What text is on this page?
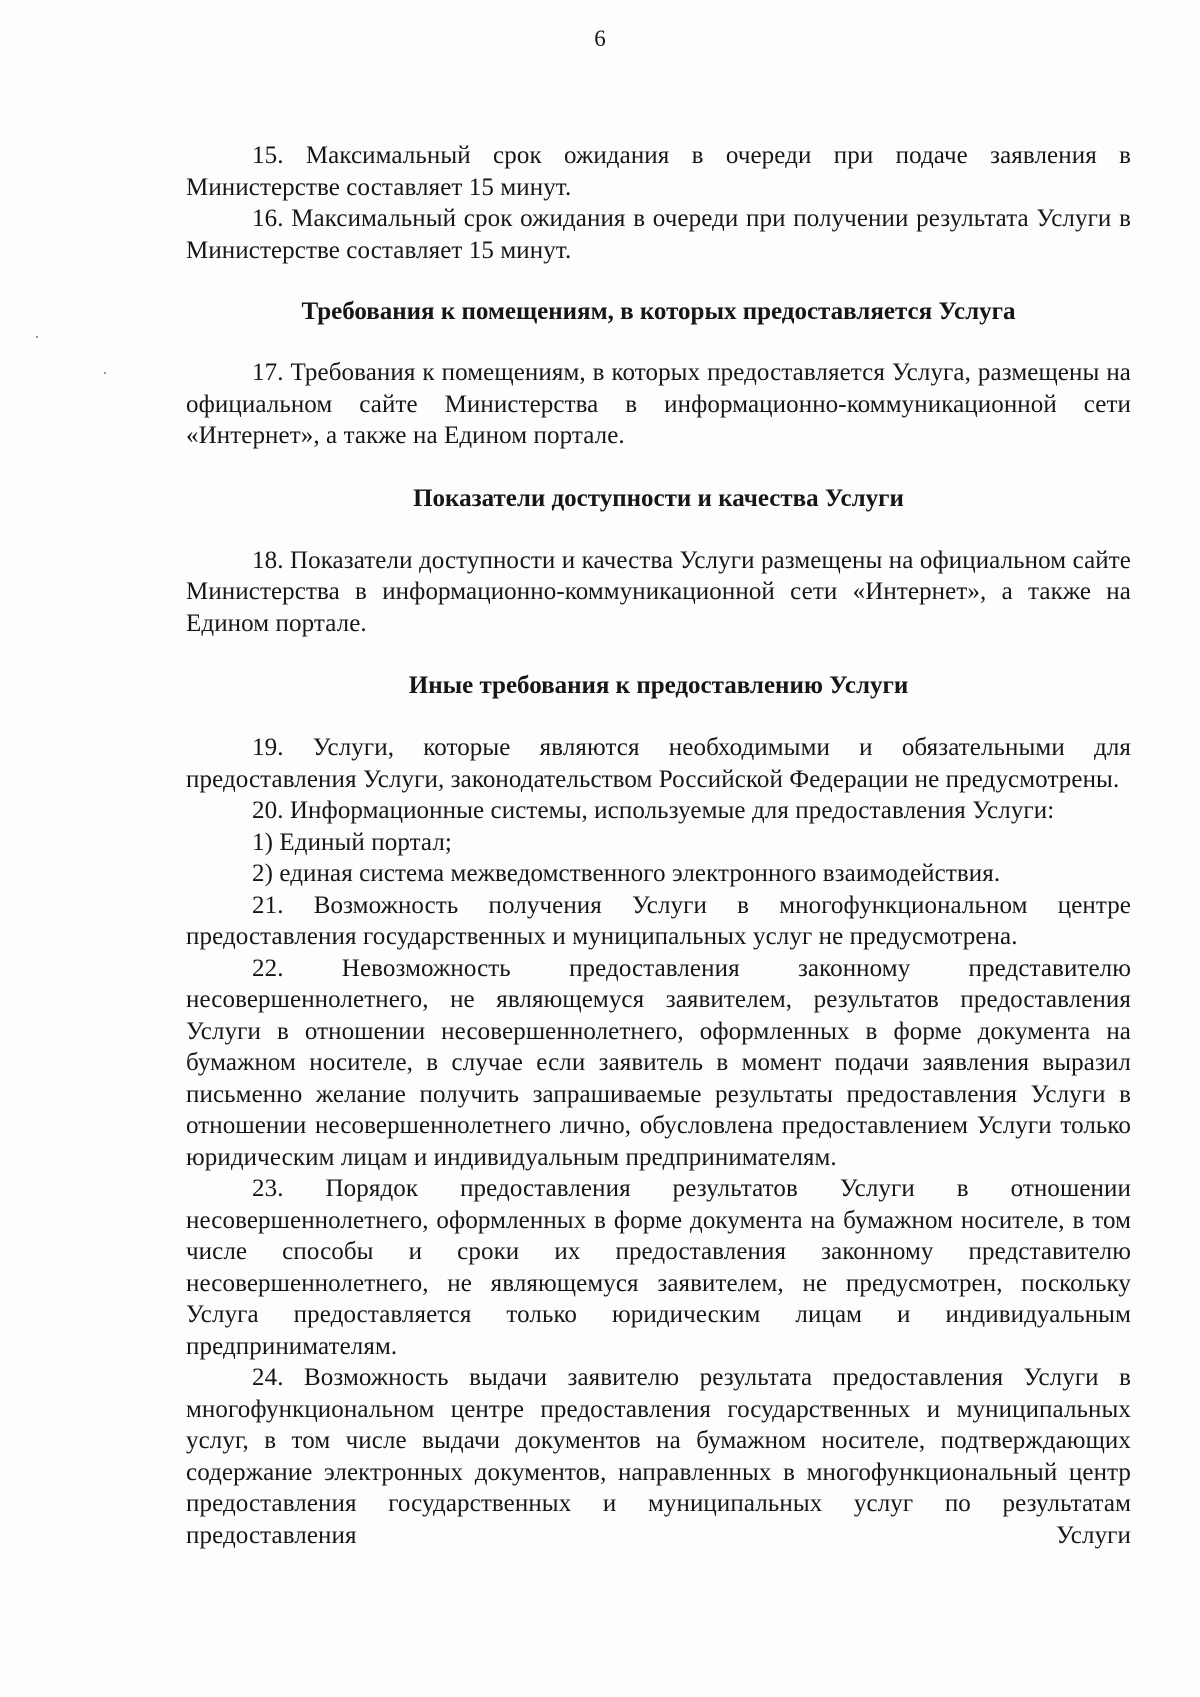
6

15. Максимальный срок ожидания в очереди при подаче заявления в Министерстве составляет 15 минут.

16. Максимальный срок ожидания в очереди при получении результата Услуги в Министерстве составляет 15 минут.

Требования к помещениям, в которых предоставляется Услуга

17. Требования к помещениям, в которых предоставляется Услуга, размещены на официальном сайте Министерства в информационно-коммуникационной сети «Интернет», а также на Едином портале.

Показатели доступности и качества Услуги

18. Показатели доступности и качества Услуги размещены на официальном сайте Министерства в информационно-коммуникационной сети «Интернет», а также на Едином портале.

Иные требования к предоставлению Услуги

19. Услуги, которые являются необходимыми и обязательными для предоставления Услуги, законодательством Российской Федерации не предусмотрены.

20. Информационные системы, используемые для предоставления Услуги:

1) Единый портал;

2) единая система межведомственного электронного взаимодействия.

21. Возможность получения Услуги в многофункциональном центре предоставления государственных и муниципальных услуг не предусмотрена.

22. Невозможность предоставления законному представителю несовершеннолетнего, не являющемуся заявителем, результатов предоставления Услуги в отношении несовершеннолетнего, оформленных в форме документа на бумажном носителе, в случае если заявитель в момент подачи заявления выразил письменно желание получить запрашиваемые результаты предоставления Услуги в отношении несовершеннолетнего лично, обусловлена предоставлением Услуги только юридическим лицам и индивидуальным предпринимателям.

23. Порядок предоставления результатов Услуги в отношении несовершеннолетнего, оформленных в форме документа на бумажном носителе, в том числе способы и сроки их предоставления законному представителю несовершеннолетнего, не являющемуся заявителем, не предусмотрен, поскольку Услуга предоставляется только юридическим лицам и индивидуальным предпринимателям.

24. Возможность выдачи заявителю результата предоставления Услуги в многофункциональном центре предоставления государственных и муниципальных услуг, в том числе выдачи документов на бумажном носителе, подтверждающих содержание электронных документов, направленных в многофункциональный центр предоставления государственных и муниципальных услуг по результатам предоставления Услуги
